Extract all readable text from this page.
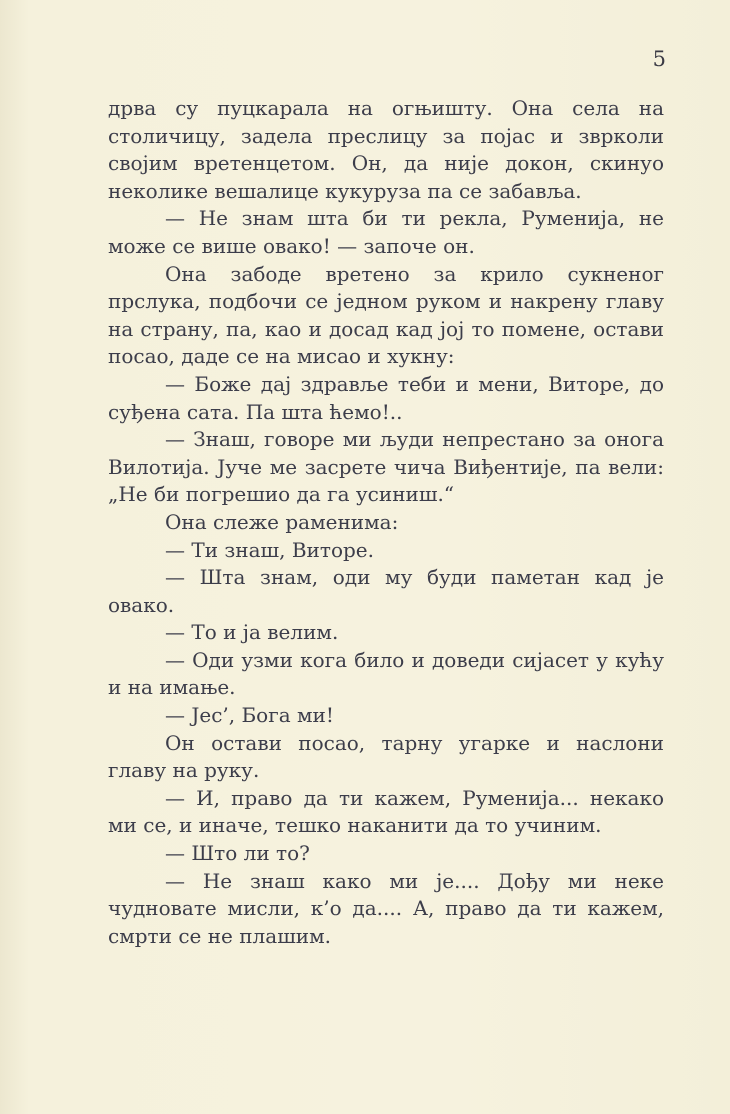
5

дрва су пуцкарала на огњишту. Она села на столичицу, задела преслицу за појас и зврколи својим вретенцетом. Он, да није докон, скинуо неколике вешалице кукуруза па се забавља.

— Не знам шта би ти рекла, Руменија, не може се више овако! — започе он.

Она забоде вретено за крило сукненог прслука, подбочи се једном руком и накрену главу на страну, па, као и досад кад јој то помене, остави посао, даде се на мисао и хукну:

— Боже дај здравље теби и мени, Виторе, до суђена сата. Па шта ћемо!..

— Знаш, говоре ми људи непрестано за онога Вилотија. Јуче ме засрете чича Виђентије, па вели: „Не би погрешио да га усиниш.“

Она слеже раменима:

— Ти знаш, Виторе.

— Шта знам, оди му буди паметан кад је овако.

— То и ја велим.

— Оди узми кога било и доведи сијасет у кућу и на имање.

— Јес’, Бога ми!

Он остави посао, тарну угарке и наслони главу на руку.

— И, право да ти кажем, Руменија... некако ми се, и иначе, тешко наканити да то учиним.

— Што ли то?

— Не знаш како ми је.... Дођу ми неке чудновате мисли, к’о да.... А, право да ти кажем, смрти се не плашим.
